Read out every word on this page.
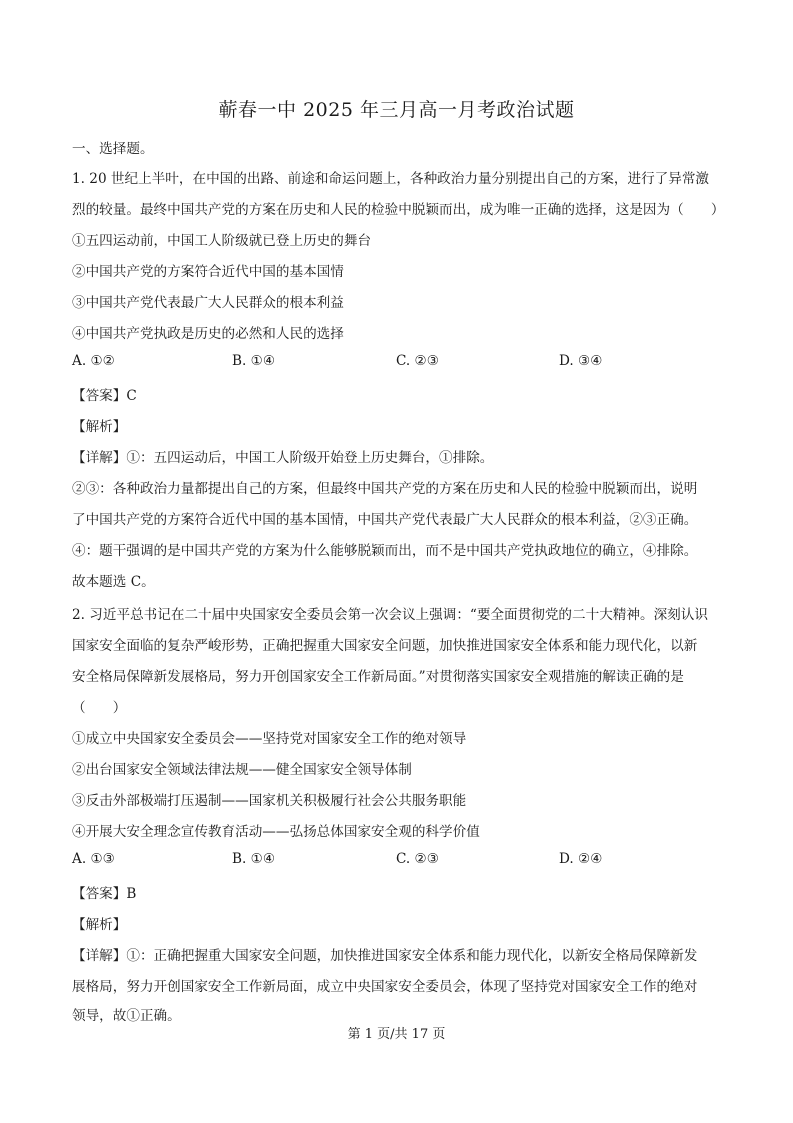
蕲春一中 2025 年三月高一月考政治试题
一、选择题。
1. 20 世纪上半叶，在中国的出路、前途和命运问题上，各种政治力量分别提出自己的方案，进行了异常激
烈的较量。最终中国共产党的方案在历史和人民的检验中脱颖而出，成为唯一正确的选择，这是因为（　　）
①五四运动前，中国工人阶级就已登上历史的舞台
②中国共产党的方案符合近代中国的基本国情
③中国共产党代表最广大人民群众的根本利益
④中国共产党执政是历史的必然和人民的选择
A. ①②	B. ①④	C. ②③	D. ③④
【答案】C
【解析】
【详解】①：五四运动后，中国工人阶级开始登上历史舞台，①排除。
②③：各种政治力量都提出自己的方案，但最终中国共产党的方案在历史和人民的检验中脱颖而出，说明
了中国共产党的方案符合近代中国的基本国情，中国共产党代表最广大人民群众的根本利益，②③正确。
④：题干强调的是中国共产党的方案为什么能够脱颖而出，而不是中国共产党执政地位的确立，④排除。
故本题选 C。
2. 习近平总书记在二十届中央国家安全委员会第一次会议上强调：“要全面贯彻党的二十大精神。深刻认识
国家安全面临的复杂严峻形势，正确把握重大国家安全问题，加快推进国家安全体系和能力现代化，以新
安全格局保障新发展格局，努力开创国家安全工作新局面。”对贯彻落实国家安全观措施的解读正确的是
（　　）
①成立中央国家安全委员会——坚持党对国家安全工作的绝对领导
②出台国家安全领域法律法规——健全国家安全领导体制
③反击外部极端打压遏制——国家机关积极履行社会公共服务职能
④开展大安全理念宣传教育活动——弘扬总体国家安全观的科学价值
A. ①③	B. ①④	C. ②③	D. ②④
【答案】B
【解析】
【详解】①：正确把握重大国家安全问题，加快推进国家安全体系和能力现代化，以新安全格局保障新发
展格局，努力开创国家安全工作新局面，成立中央国家安全委员会，体现了坚持党对国家安全工作的绝对
领导，故①正确。
第 1 页/共 17 页
